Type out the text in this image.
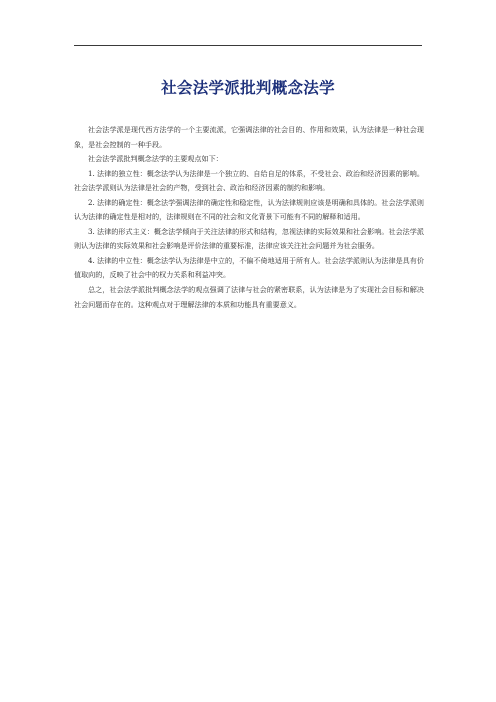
社会法学派批判概念法学

社会法学派是现代西方法学的一个主要流派，它强调法律的社会目的、作用和效果，认为法律是一种社会现象，是社会控制的一种手段。

社会法学派批判概念法学的主要观点如下：

1. 法律的独立性：概念法学认为法律是一个独立的、自给自足的体系，不受社会、政治和经济因素的影响。社会法学派则认为法律是社会的产物，受到社会、政治和经济因素的制约和影响。

2. 法律的确定性：概念法学强调法律的确定性和稳定性，认为法律规则应该是明确和具体的。社会法学派则认为法律的确定性是相对的，法律规则在不同的社会和文化背景下可能有不同的解释和适用。

3. 法律的形式主义：概念法学倾向于关注法律的形式和结构，忽视法律的实际效果和社会影响。社会法学派则认为法律的实际效果和社会影响是评价法律的重要标准，法律应该关注社会问题并为社会服务。

4. 法律的中立性：概念法学认为法律是中立的，不偏不倚地适用于所有人。社会法学派则认为法律是具有价值取向的，反映了社会中的权力关系和利益冲突。

总之，社会法学派批判概念法学的观点强调了法律与社会的紧密联系，认为法律是为了实现社会目标和解决社会问题而存在的。这种观点对于理解法律的本质和功能具有重要意义。
